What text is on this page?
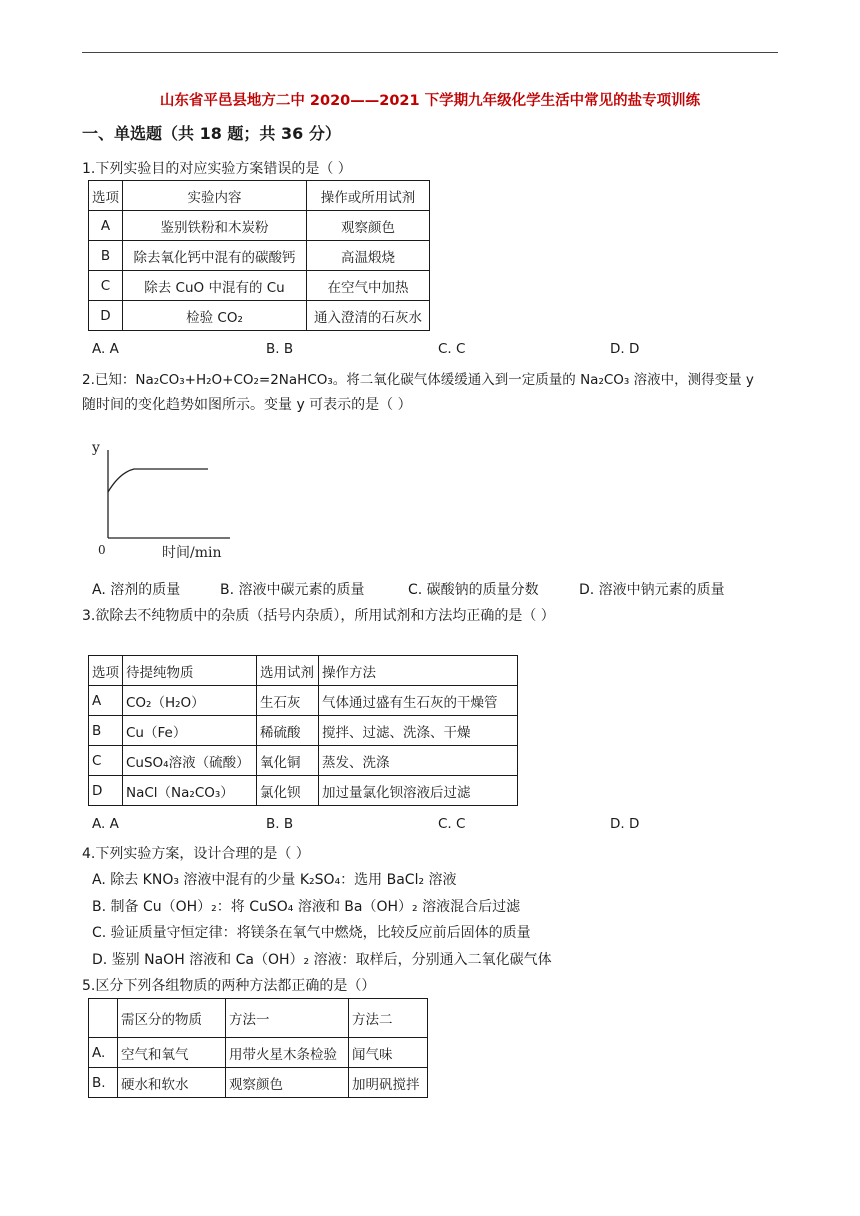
山东省平邑县地方二中 2020——2021 下学期九年级化学生活中常见的盐专项训练
一、单选题（共 18 题；共 36 分）
1.下列实验目的对应实验方案错误的是（ ）
选项	实验内容	操作或所用试剂
A	鉴别铁粉和木炭粉	观察颜色
B	除去氧化钙中混有的碳酸钙	高温煅烧
C	除去 CuO 中混有的 Cu	在空气中加热
D	检验 CO₂	通入澄清的石灰水
A. A	B. B	C. C	D. D
2.已知：Na₂CO₃+H₂O+CO₂=2NaHCO₃。将二氧化碳气体缓缓通入到一定质量的 Na₂CO₃ 溶液中，测得变量 y
随时间的变化趋势如图所示。变量 y 可表示的是（ ）
y
0	时间/min
A. 溶剂的质量	B. 溶液中碳元素的质量	C. 碳酸钠的质量分数	D. 溶液中钠元素的质量
3.欲除去不纯物质中的杂质（括号内杂质），所用试剂和方法均正确的是（ ）
选项	待提纯物质	选用试剂	操作方法
A	CO₂（H₂O）	生石灰	气体通过盛有生石灰的干燥管
B	Cu（Fe）	稀硫酸	搅拌、过滤、洗涤、干燥
C	CuSO₄溶液（硫酸）	氧化铜	蒸发、洗涤
D	NaCl（Na₂CO₃）	氯化钡	加过量氯化钡溶液后过滤
A. A	B. B	C. C	D. D
4.下列实验方案，设计合理的是（ ）
A. 除去 KNO₃ 溶液中混有的少量 K₂SO₄：选用 BaCl₂ 溶液
B. 制备 Cu（OH）₂：将 CuSO₄ 溶液和 Ba（OH）₂ 溶液混合后过滤
C. 验证质量守恒定律：将镁条在氧气中燃烧，比较反应前后固体的质量
D. 鉴别 NaOH 溶液和 Ca（OH）₂ 溶液：取样后，分别通入二氧化碳气体
5.区分下列各组物质的两种方法都正确的是（）
	需区分的物质	方法一	方法二
A.	空气和氧气	用带火星木条检验	闻气味
B.	硬水和软水	观察颜色	加明矾搅拌
